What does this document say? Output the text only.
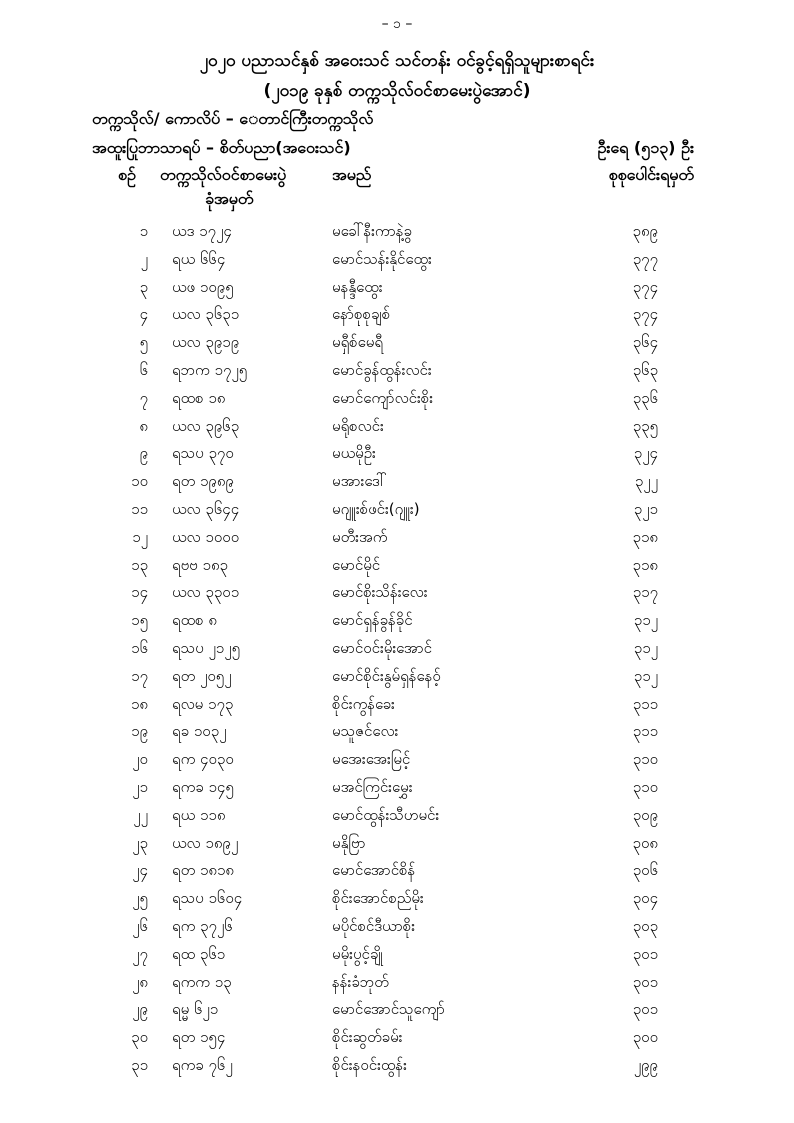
– ၁ –
၂၀၂၀ ပညာသင်နှစ် အဝေးသင် သင်တန်း ဝင်ခွင့်ရရှိသူများစာရင်း
(၂၀၁၉ ခုနှစ် တက္ကသိုလ်ဝင်စာမေးပွဲအောင်)
တက္ကသိုလ်/ ကောလိပ် – ‌ေတာင်ကြီးတက္ကသိုလ်
အထူးပြုဘာသာရပ် – စိတ်ပညာ(အဝေးသင်)	ဦးရေ (၅၁၃) ဦး
စဉ် တက္ကသိုလ်ဝင်စာမေးပွဲ
ခုံအမှတ်
အမည်	စုစုပေါင်းရမှတ်
၁ ယဒ ၁၇၂၄	မခေါ်နီးကာနဲ့ခွ	၃၈၉
၂ ရယ ၆၆၄	မောင်သန်းနိုင်ထွေး	၃၇၇
၃ ယဖ ၁၀၉၅	မနန္ဒီထွေး	၃၇၄
၄ ယလ ၃၆၃၁	နော်စုစုချစ်	၃၇၄
၅ ယလ ၃၉၁၉	မရှီစ်မေရီ	၃၆၄
၆ ရဘက ၁၇၂၅	မောင်ခွန်ထွန်းလင်း	၃၆၃
၇ ရထစ ၁၈	မောင်ကျော်လင်းစိုး	၃၃၆
၈ ယလ ၃၉၆၃	မရိုစလင်း	၃၃၅
၉ ရသပ ၃၇၀	မယမိုဦး	၃၂၄
၁၀ ရတ ၁၉၈၉	မအားဒေါ်	၃၂၂
၁၁ ယလ ၃၆၄၄	မဂျူးစ်ဖင်း(ဂျူး)	၃၂၁
၁၂ ယလ ၁၀၀၀	မတီးအက်	၃၁၈
၁၃ ရဗဗ ၁၈၃	မောင်မိုင်	၃၁၈
၁၄ ယလ ၃၃၀၁	မောင်စိုးသိန်းလေး	၃၁၇
၁၅ ရထစ ၈	မောင်ရှန်ခွန်ခိုင်	၃၁၂
၁၆ ရသပ ၂၁၂၅	မောင်ဝင်းမိုးအောင်	၃၁၂
၁၇ ရတ ၂၀၅၂	မောင်စိုင်းနွမ်ရှန်နေဝ့်	၃၁၂
၁၈ ရလမ ၁၇၃	စိုင်းကွန်ခေး	၃၁၁
၁၉ ရခ ၁၀၃၂	မသူဇင်လေး	၃၁၁
၂၀ ရက ၄၀၃၀	မအေးအေးမြင့်	၃၁၀
၂၁ ရကခ ၁၄၅	မအင်ကြင်းမွှေး	၃၁၀
၂၂ ရယ ၁၁၈	မောင်ထွန်းသီဟမင်း	၃၀၉
၂၃ ယလ ၁၈၉၂	မနိုဗြာ	၃၀၈
၂၄ ရတ ၁၈၁၈	မောင်အောင်စိန်	၃၀၆
၂၅ ရသပ ၁၆၀၄	စိုင်းအောင်စည်မိုး	၃၀၄
၂၆ ရက ၃၇၂၆	မပိုင်စင်ဒီယာစိုး	၃၀၃
၂၇ ရထ ၃၆၁	မမိုးပွင့်ချို	၃၀၁
၂၈ ရကက ၁၃	နန်းခံဘုတ်	၃၀၁
၂၉ ရမ္မ ၆၂၁	မောင်အောင်သူကျော်	၃၀၁
၃၀ ရတ ၁၅၄	စိုင်းဆွတ်ခမ်း	၃၀၀
၃၁ ရကခ ၇၆၂	စိုင်းနဝင်းထွန်း	၂၉၉
